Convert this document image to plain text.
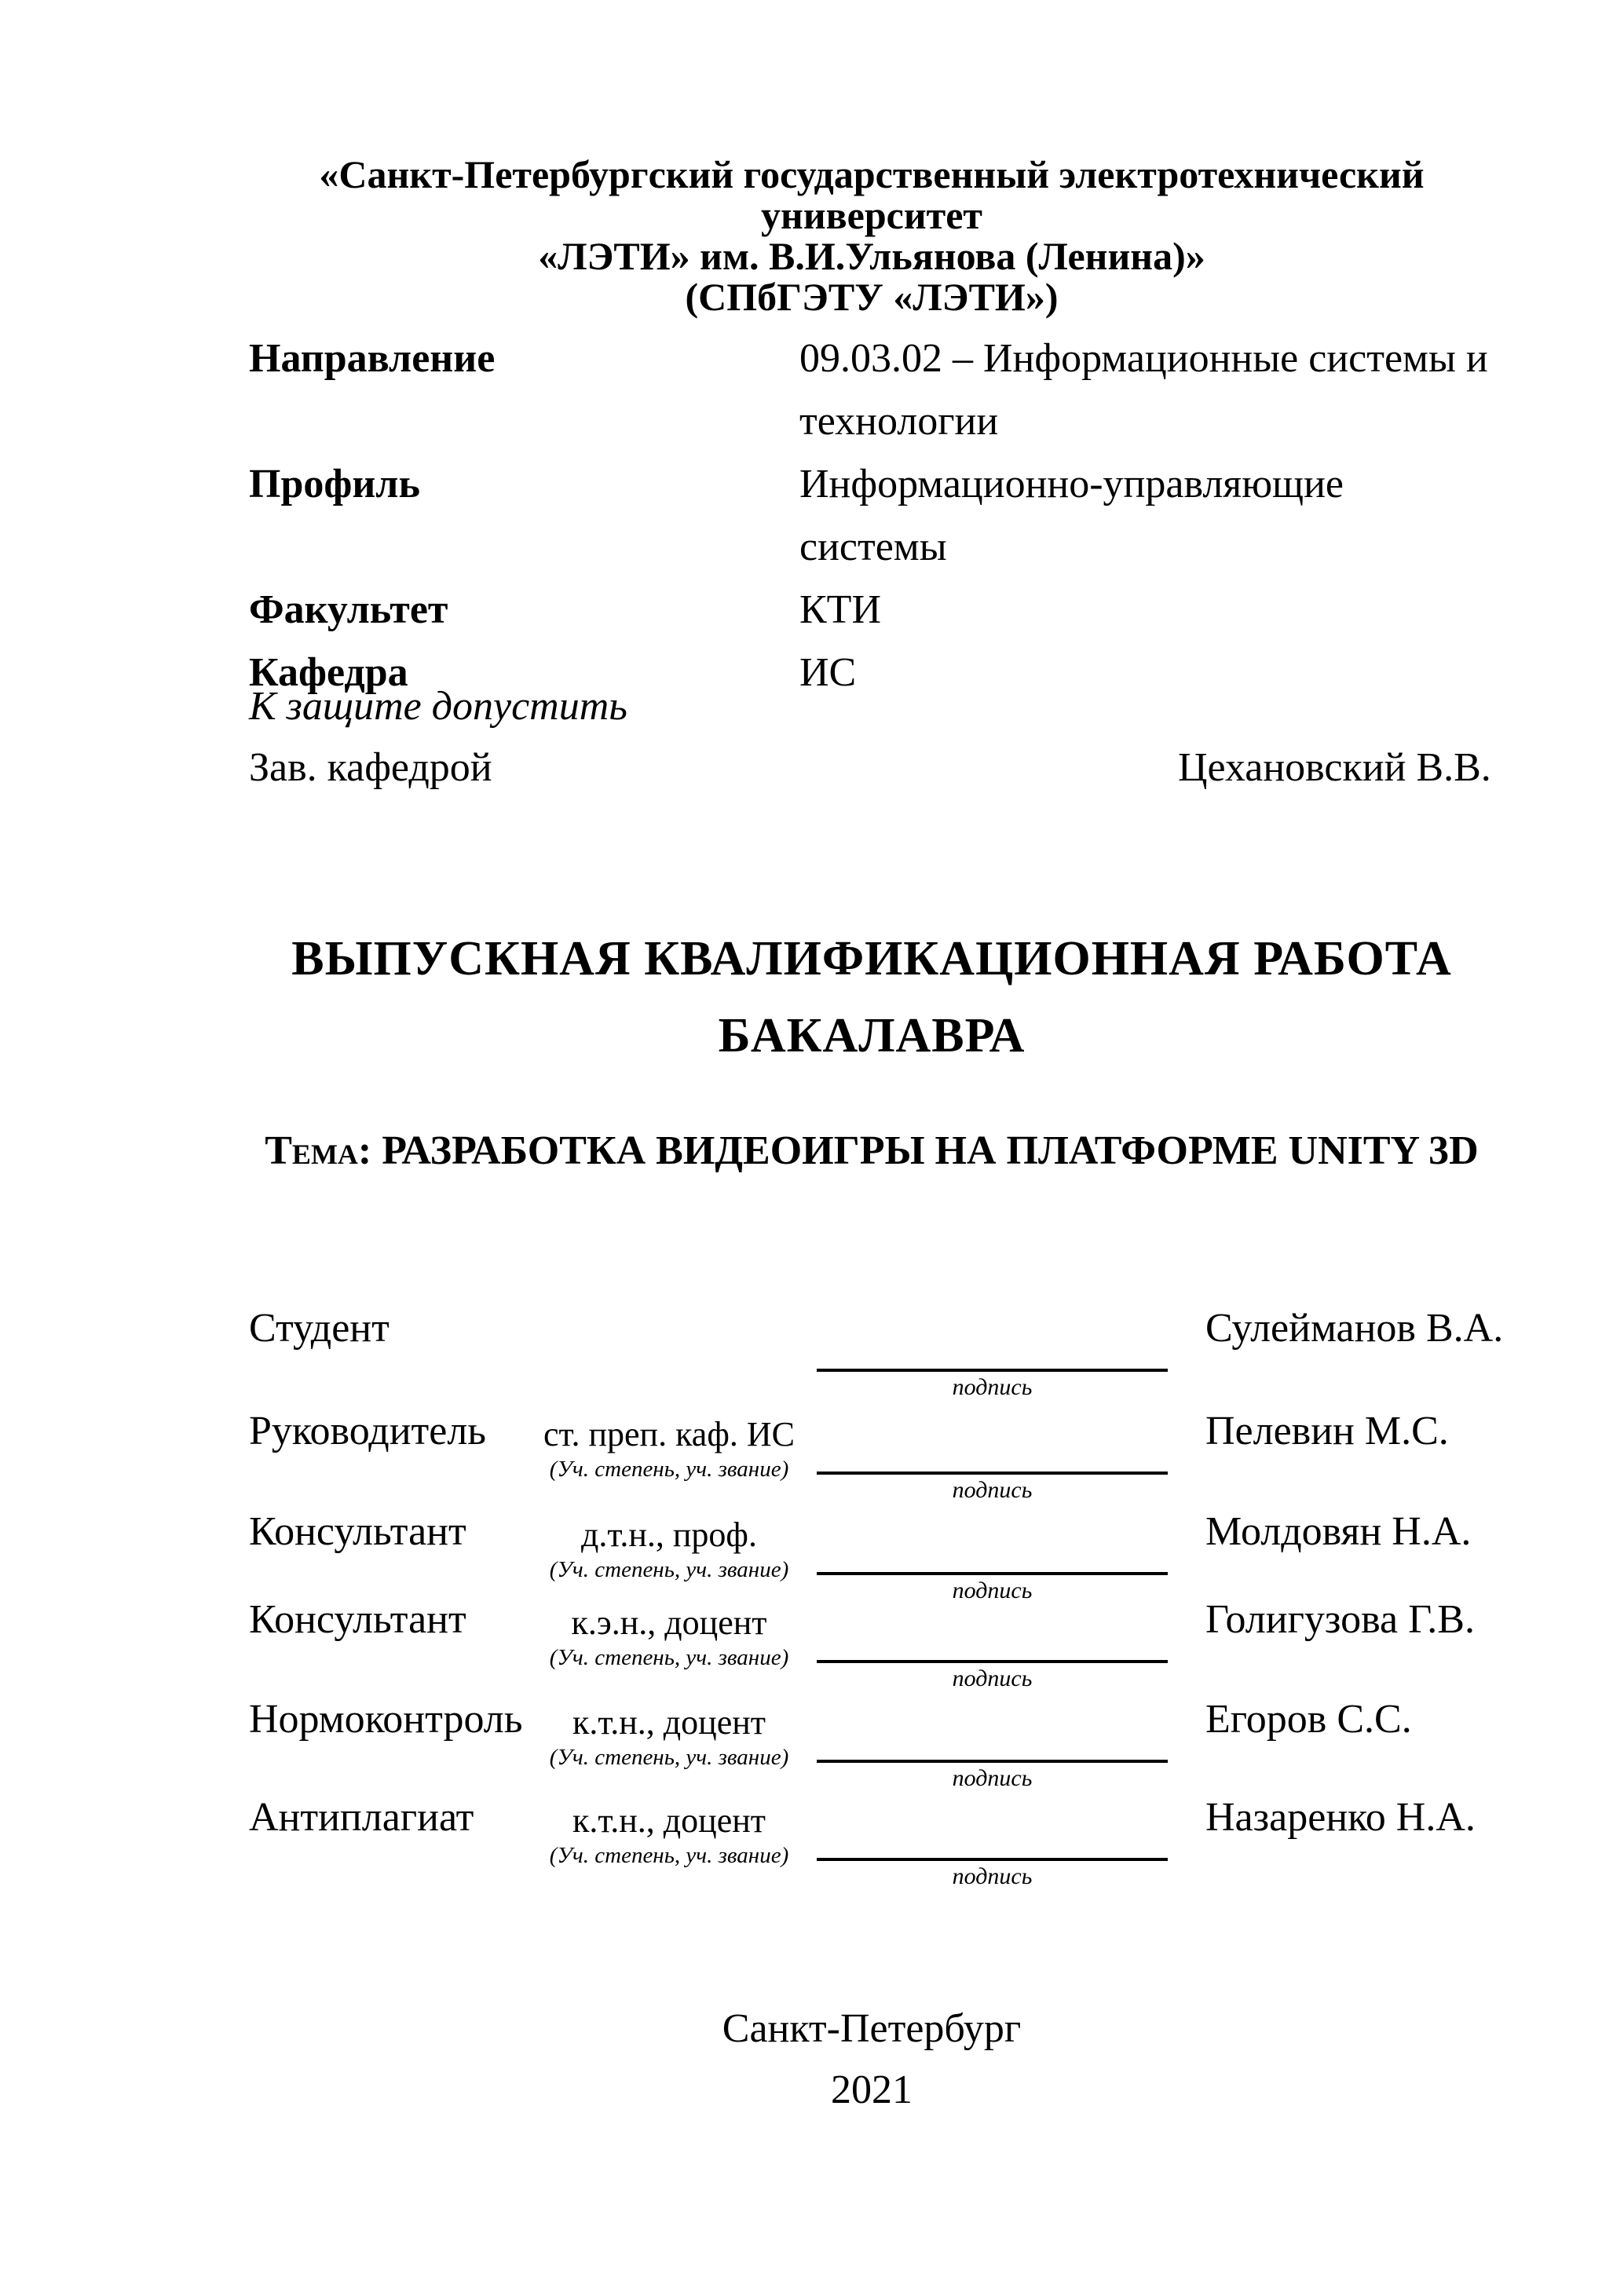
«Санкт-Петербургский государственный электротехнический университет
«ЛЭТИ» им. В.И.Ульянова (Ленина)»
(СПбГЭТУ «ЛЭТИ»)
Направление	09.03.02 – Информационные системы и
технологии
Профиль	Информационно-управляющие системы
Факультет	КТИ
Кафедра	ИС
К защите допустить
Зав. кафедрой	Цехановский В.В.
ВЫПУСКНАЯ КВАЛИФИКАЦИОННАЯ РАБОТА
БАКАЛАВРА
Тема: РАЗРАБОТКА ВИДЕОИГРЫ НА ПЛАТФОРМЕ UNITY 3D
Студент
подпись
Сулейманов В.А.
Руководитель ст. преп. каф. ИС
(Уч. степень, уч. звание)
подпись
Пелевин М.С.
Консультант	д.т.н., проф.
(Уч. степень, уч. звание)
подпись
Молдовян Н.А.
Консультант	к.э.н., доцент
(Уч. степень, уч. звание)
подпись
Голигузова Г.В.
Нормоконтроль	к.т.н., доцент
(Уч. степень, уч. звание)
подпись
Егоров С.С.
Антиплагиат	к.т.н., доцент
(Уч. степень, уч. звание)
подпись
Назаренко Н.А.
Санкт-Петербург
2021
